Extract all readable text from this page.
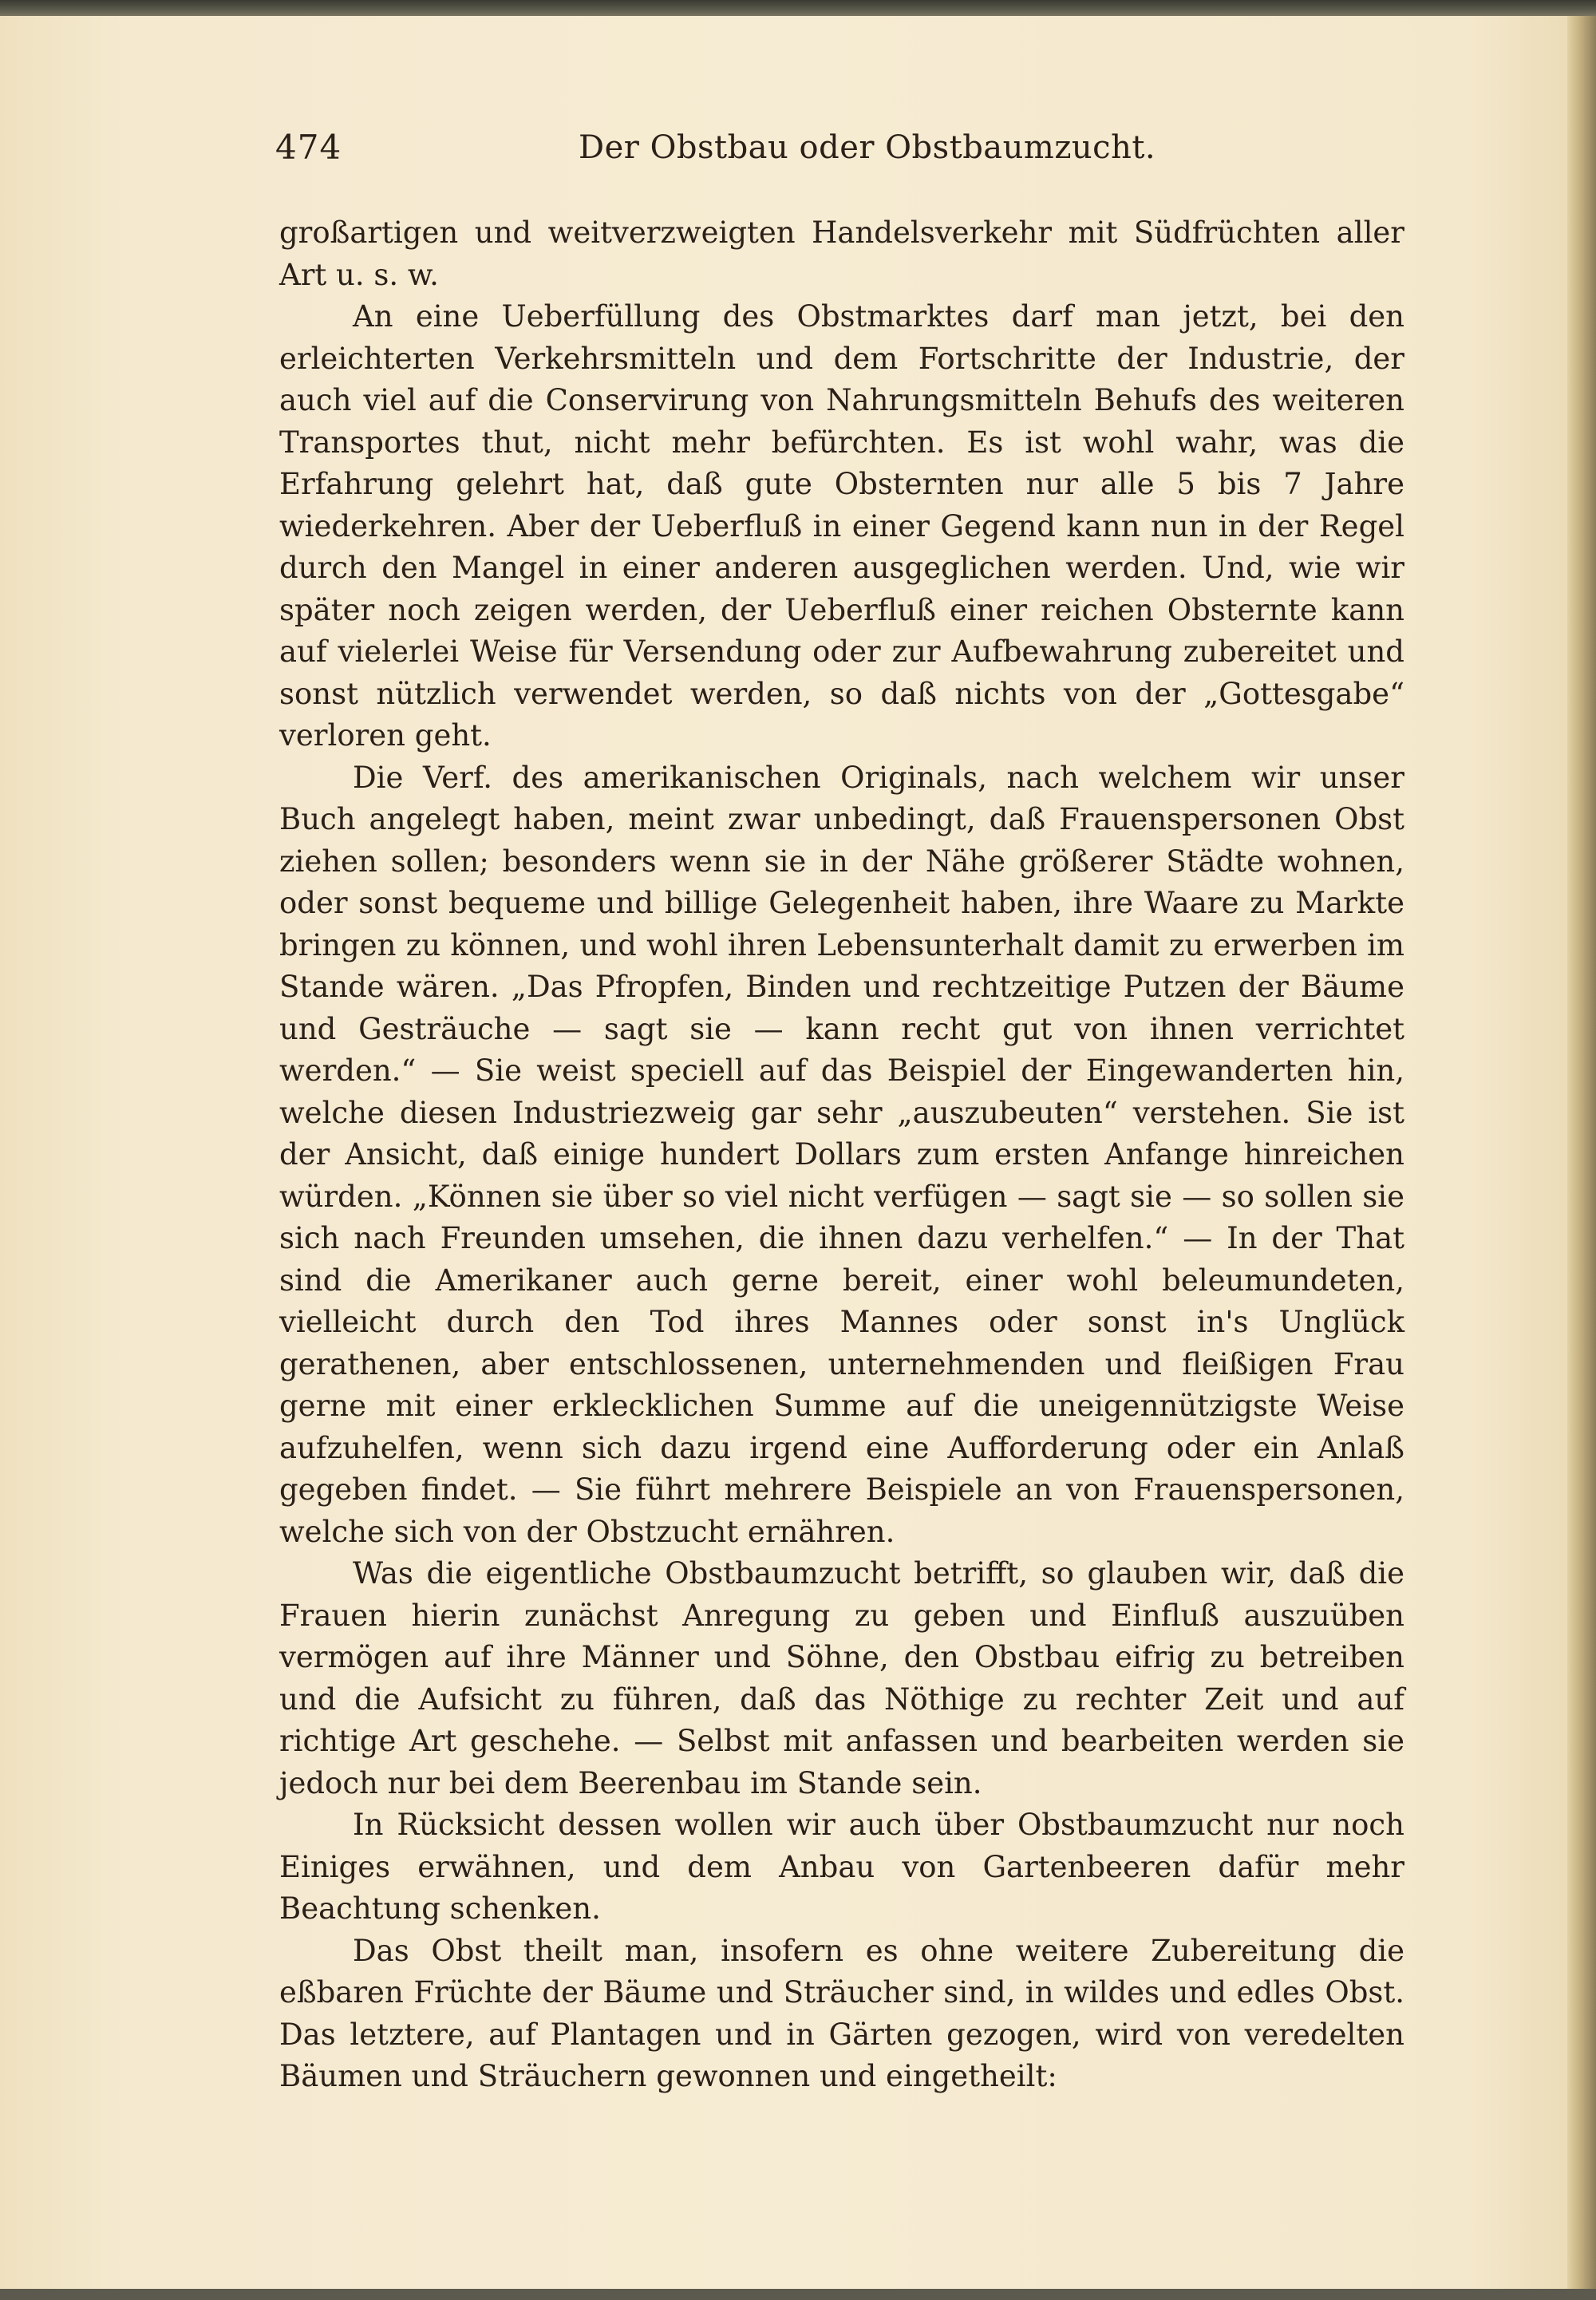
474	Der Obstbau oder Obstbaumzucht.

großartigen und weitverzweigten Handelsverkehr mit Südfrüchten aller Art u. s. w.

An eine Ueberfüllung des Obstmarktes darf man jetzt, bei den erleichterten Verkehrsmitteln und dem Fortschritte der Industrie, der auch viel auf die Conservirung von Nahrungsmitteln Behufs des weiteren Transportes thut, nicht mehr befürchten. Es ist wohl wahr, was die Erfahrung gelehrt hat, daß gute Obsternten nur alle 5 bis 7 Jahre wiederkehren. Aber der Ueberfluß in einer Gegend kann nun in der Regel durch den Mangel in einer anderen ausgeglichen werden. Und, wie wir später noch zeigen werden, der Ueberfluß einer reichen Obsternte kann auf vielerlei Weise für Versendung oder zur Aufbewahrung zubereitet und sonst nützlich verwendet werden, so daß nichts von der „Gottesgabe“ verloren geht.

Die Verf. des amerikanischen Originals, nach welchem wir unser Buch angelegt haben, meint zwar unbedingt, daß Frauenspersonen Obst ziehen sollen; besonders wenn sie in der Nähe größerer Städte wohnen, oder sonst bequeme und billige Gelegenheit haben, ihre Waare zu Markte bringen zu können, und wohl ihren Lebensunterhalt damit zu erwerben im Stande wären. „Das Pfropfen, Binden und rechtzeitige Putzen der Bäume und Gesträuche — sagt sie — kann recht gut von ihnen verrichtet werden.“ — Sie weist speciell auf das Beispiel der Eingewanderten hin, welche diesen Industriezweig gar sehr „auszubeuten“ verstehen. Sie ist der Ansicht, daß einige hundert Dollars zum ersten Anfange hinreichen würden. „Können sie über so viel nicht verfügen — sagt sie — so sollen sie sich nach Freunden umsehen, die ihnen dazu verhelfen.“ — In der That sind die Amerikaner auch gerne bereit, einer wohl beleumundeten, vielleicht durch den Tod ihres Mannes oder sonst in's Unglück gerathenen, aber entschlossenen, unternehmenden und fleißigen Frau gerne mit einer erklecklichen Summe auf die uneigennützigste Weise aufzuhelfen, wenn sich dazu irgend eine Aufforderung oder ein Anlaß gegeben findet. — Sie führt mehrere Beispiele an von Frauenspersonen, welche sich von der Obstzucht ernähren.

Was die eigentliche Obstbaumzucht betrifft, so glauben wir, daß die Frauen hierin zunächst Anregung zu geben und Einfluß auszuüben vermögen auf ihre Männer und Söhne, den Obstbau eifrig zu betreiben und die Aufsicht zu führen, daß das Nöthige zu rechter Zeit und auf richtige Art geschehe. — Selbst mit anfassen und bearbeiten werden sie jedoch nur bei dem Beerenbau im Stande sein.

In Rücksicht dessen wollen wir auch über Obstbaumzucht nur noch Einiges erwähnen, und dem Anbau von Gartenbeeren dafür mehr Beachtung schenken.

Das Obst theilt man, insofern es ohne weitere Zubereitung die eßbaren Früchte der Bäume und Sträucher sind, in wildes und edles Obst. Das letztere, auf Plantagen und in Gärten gezogen, wird von veredelten Bäumen und Sträuchern gewonnen und eingetheilt:
